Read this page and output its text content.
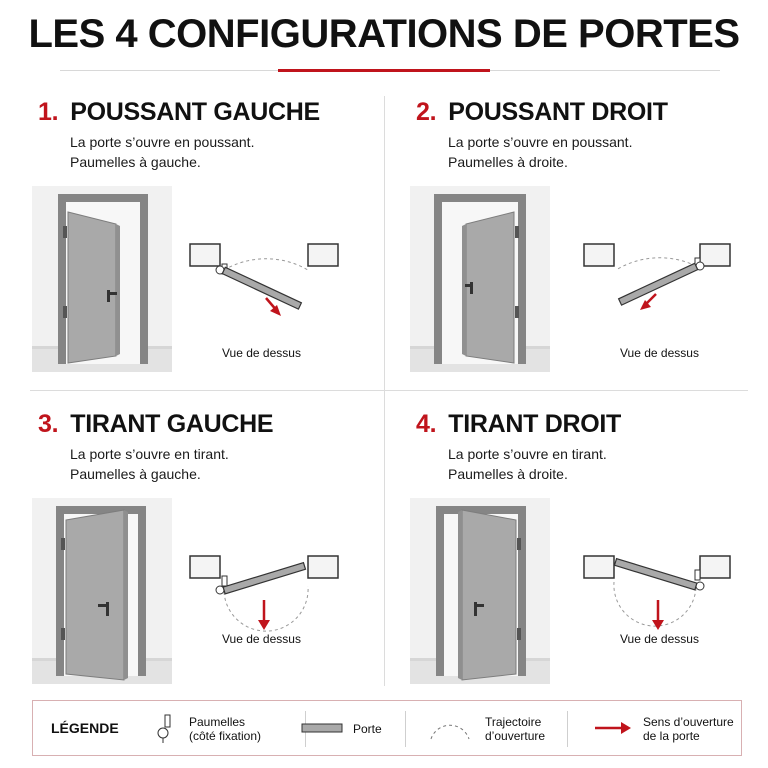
LES 4 CONFIGURATIONS DE PORTES
1. POUSSANT GAUCHE
La porte s’ouvre en poussant.
Paumelles à gauche.
Vue de dessus
2. POUSSANT DROIT
La porte s’ouvre en poussant.
Paumelles à droite.
Vue de dessus
3. TIRANT GAUCHE
La porte s’ouvre en tirant.
Paumelles à gauche.
Vue de dessus
4. TIRANT DROIT
La porte s’ouvre en tirant.
Paumelles à droite.
Vue de dessus
LÉGENDE	Paumelles
(côté fixation)	Porte	Trajectoire
d’ouverture
Sens d’ouverture
de la porte
